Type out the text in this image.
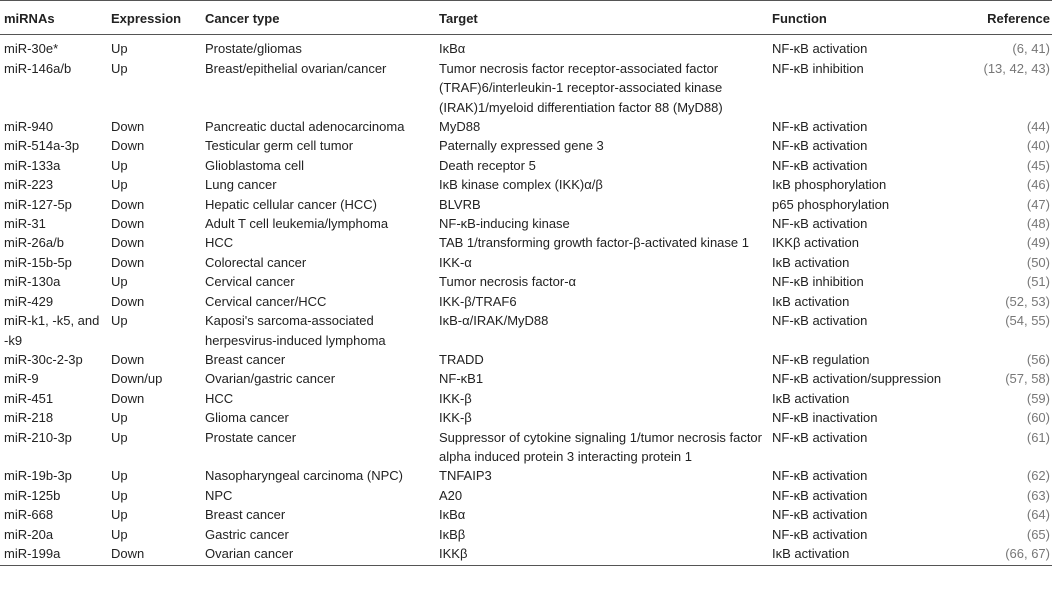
miRNAs	Expression	Cancer type	Target	Function	Reference
miR-30e*	Up	Prostate/gliomas	IκBα	NF-κB activation	(6, 41)
miR-146a/b	Up	Breast/epithelial ovarian/cancer	Tumor necrosis factor receptor-associated factor (TRAF)6/interleukin-1 receptor-associated kinase (IRAK)1/myeloid differentiation factor 88 (MyD88)	NF-κB inhibition	(13, 42, 43)
miR-940	Down	Pancreatic ductal adenocarcinoma	MyD88	NF-κB activation	(44)
miR-514a-3p	Down	Testicular germ cell tumor	Paternally expressed gene 3	NF-κB activation	(40)
miR-133a	Up	Glioblastoma cell	Death receptor 5	NF-κB activation	(45)
miR-223	Up	Lung cancer	IκB kinase complex (IKK)α/β	IκB phosphorylation	(46)
miR-127-5p	Down	Hepatic cellular cancer (HCC)	BLVRB	p65 phosphorylation	(47)
miR-31	Down	Adult T cell leukemia/lymphoma	NF-κB-inducing kinase	NF-κB activation	(48)
miR-26a/b	Down	HCC	TAB 1/transforming growth factor-β-activated kinase 1	IKKβ activation	(49)
miR-15b-5p	Down	Colorectal cancer	IKK-α	IκB activation	(50)
miR-130a	Up	Cervical cancer	Tumor necrosis factor-α	NF-κB inhibition	(51)
miR-429	Down	Cervical cancer/HCC	IKK-β/TRAF6	IκB activation	(52, 53)
miR-k1, -k5, and -k9	Up	Kaposi's sarcoma-associated herpesvirus-induced lymphoma	IκB-α/IRAK/MyD88	NF-κB activation	(54, 55)
miR-30c-2-3p	Down	Breast cancer	TRADD	NF-κB regulation	(56)
miR-9	Down/up	Ovarian/gastric cancer	NF-κB1	NF-κB activation/suppression	(57, 58)
miR-451	Down	HCC	IKK-β	IκB activation	(59)
miR-218	Up	Glioma cancer	IKK-β	NF-κB inactivation	(60)
miR-210-3p	Up	Prostate cancer	Suppressor of cytokine signaling 1/tumor necrosis factor alpha induced protein 3 interacting protein 1	NF-κB activation	(61)
miR-19b-3p	Up	Nasopharyngeal carcinoma (NPC)	TNFAIP3	NF-κB activation	(62)
miR-125b	Up	NPC	A20	NF-κB activation	(63)
miR-668	Up	Breast cancer	IκBα	NF-κB activation	(64)
miR-20a	Up	Gastric cancer	IκBβ	NF-κB activation	(65)
miR-199a	Down	Ovarian cancer	IKKβ	IκB activation	(66, 67)
